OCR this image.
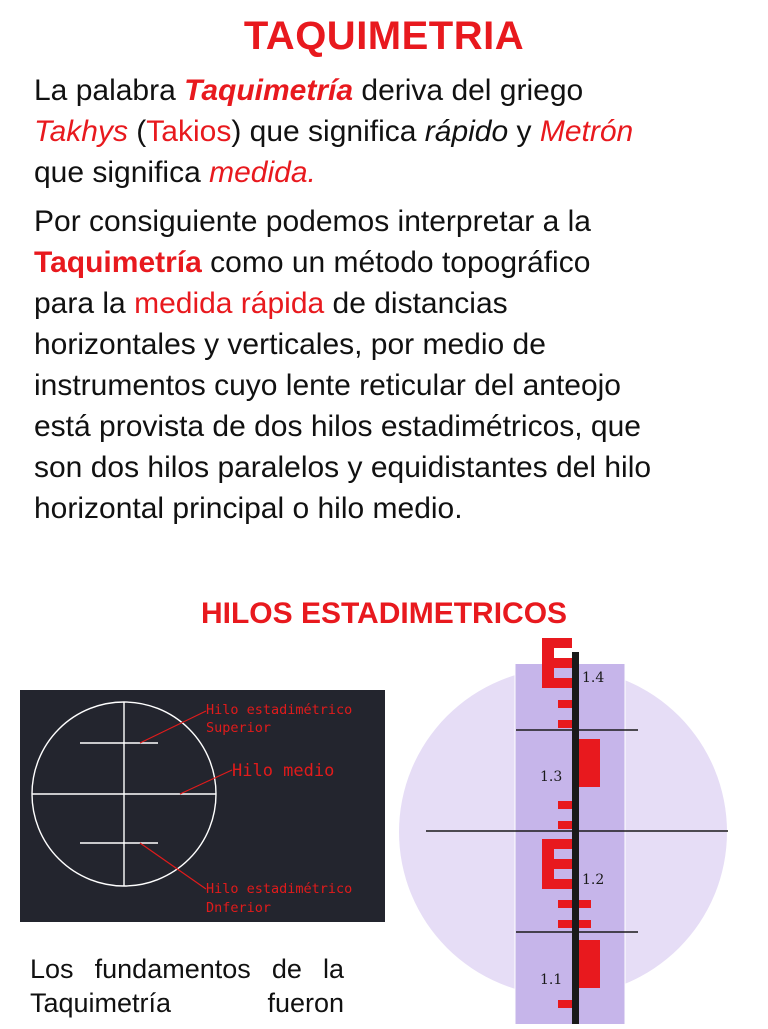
TAQUIMETRIA

La palabra Taquimetría deriva del griego
Takhys (Takios) que significa rápido y Metrón
que significa medida.

Por consiguiente podemos interpretar a la
Taquimetría como un método topográfico
para la medida rápida de distancias
horizontales y verticales, por medio de
instrumentos cuyo lente reticular del anteojo
está provista de dos hilos estadimétricos, que
son dos hilos paralelos y equidistantes del hilo
horizontal principal o hilo medio.

HILOS ESTADIMETRICOS
Hilo estadimétrico
Superior
Hilo medio
Hilo estadimétrico
Dnferior
1.4
1.3
1.2
1.1

Los fundamentos de la
Taquimetría	fueron
